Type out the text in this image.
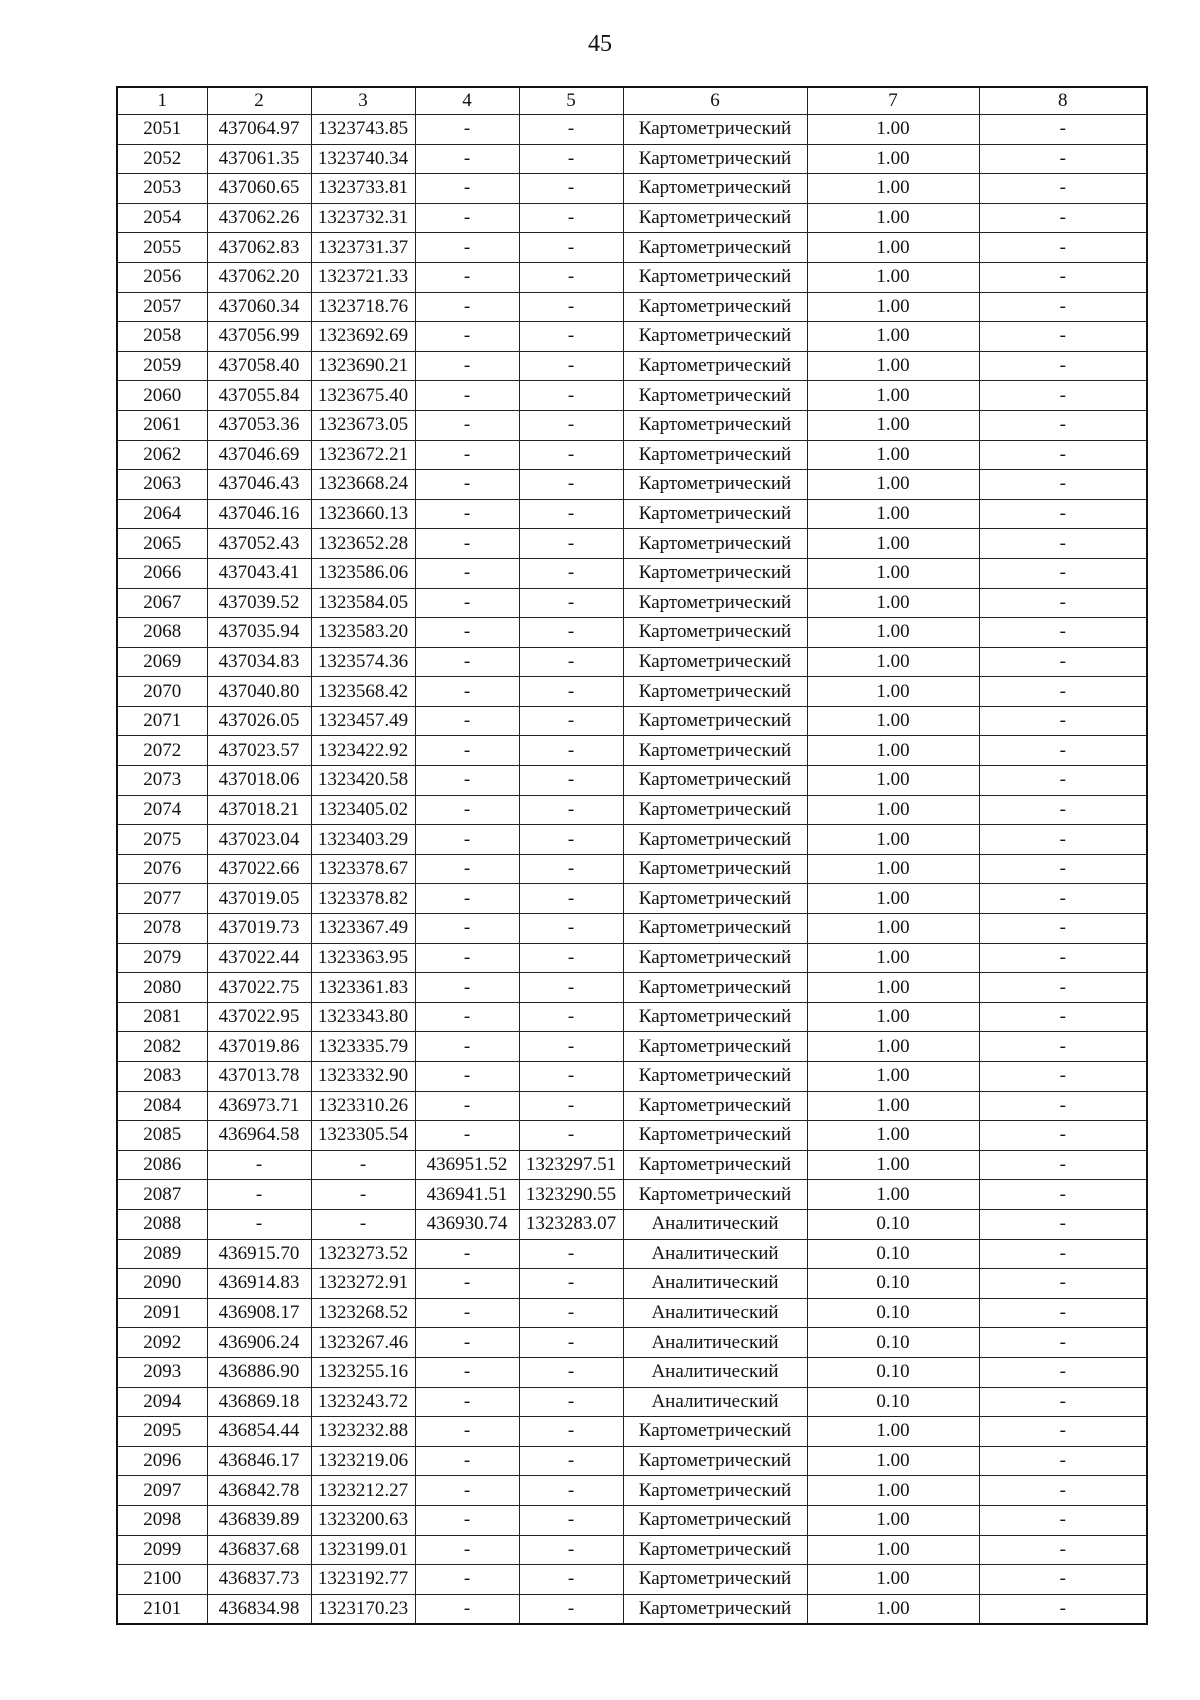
45
1	2	3	4	5	6	7	8
2051	437064.97	1323743.85	-	-	Картометрический	1.00	-
2052	437061.35	1323740.34	-	-	Картометрический	1.00	-
2053	437060.65	1323733.81	-	-	Картометрический	1.00	-
2054	437062.26	1323732.31	-	-	Картометрический	1.00	-
2055	437062.83	1323731.37	-	-	Картометрический	1.00	-
2056	437062.20	1323721.33	-	-	Картометрический	1.00	-
2057	437060.34	1323718.76	-	-	Картометрический	1.00	-
2058	437056.99	1323692.69	-	-	Картометрический	1.00	-
2059	437058.40	1323690.21	-	-	Картометрический	1.00	-
2060	437055.84	1323675.40	-	-	Картометрический	1.00	-
2061	437053.36	1323673.05	-	-	Картометрический	1.00	-
2062	437046.69	1323672.21	-	-	Картометрический	1.00	-
2063	437046.43	1323668.24	-	-	Картометрический	1.00	-
2064	437046.16	1323660.13	-	-	Картометрический	1.00	-
2065	437052.43	1323652.28	-	-	Картометрический	1.00	-
2066	437043.41	1323586.06	-	-	Картометрический	1.00	-
2067	437039.52	1323584.05	-	-	Картометрический	1.00	-
2068	437035.94	1323583.20	-	-	Картометрический	1.00	-
2069	437034.83	1323574.36	-	-	Картометрический	1.00	-
2070	437040.80	1323568.42	-	-	Картометрический	1.00	-
2071	437026.05	1323457.49	-	-	Картометрический	1.00	-
2072	437023.57	1323422.92	-	-	Картометрический	1.00	-
2073	437018.06	1323420.58	-	-	Картометрический	1.00	-
2074	437018.21	1323405.02	-	-	Картометрический	1.00	-
2075	437023.04	1323403.29	-	-	Картометрический	1.00	-
2076	437022.66	1323378.67	-	-	Картометрический	1.00	-
2077	437019.05	1323378.82	-	-	Картометрический	1.00	-
2078	437019.73	1323367.49	-	-	Картометрический	1.00	-
2079	437022.44	1323363.95	-	-	Картометрический	1.00	-
2080	437022.75	1323361.83	-	-	Картометрический	1.00	-
2081	437022.95	1323343.80	-	-	Картометрический	1.00	-
2082	437019.86	1323335.79	-	-	Картометрический	1.00	-
2083	437013.78	1323332.90	-	-	Картометрический	1.00	-
2084	436973.71	1323310.26	-	-	Картометрический	1.00	-
2085	436964.58	1323305.54	-	-	Картометрический	1.00	-
2086	-	-	436951.52	1323297.51	Картометрический	1.00	-
2087	-	-	436941.51	1323290.55	Картометрический	1.00	-
2088	-	-	436930.74	1323283.07	Аналитический	0.10	-
2089	436915.70	1323273.52	-	-	Аналитический	0.10	-
2090	436914.83	1323272.91	-	-	Аналитический	0.10	-
2091	436908.17	1323268.52	-	-	Аналитический	0.10	-
2092	436906.24	1323267.46	-	-	Аналитический	0.10	-
2093	436886.90	1323255.16	-	-	Аналитический	0.10	-
2094	436869.18	1323243.72	-	-	Аналитический	0.10	-
2095	436854.44	1323232.88	-	-	Картометрический	1.00	-
2096	436846.17	1323219.06	-	-	Картометрический	1.00	-
2097	436842.78	1323212.27	-	-	Картометрический	1.00	-
2098	436839.89	1323200.63	-	-	Картометрический	1.00	-
2099	436837.68	1323199.01	-	-	Картометрический	1.00	-
2100	436837.73	1323192.77	-	-	Картометрический	1.00	-
2101	436834.98	1323170.23	-	-	Картометрический	1.00	-
